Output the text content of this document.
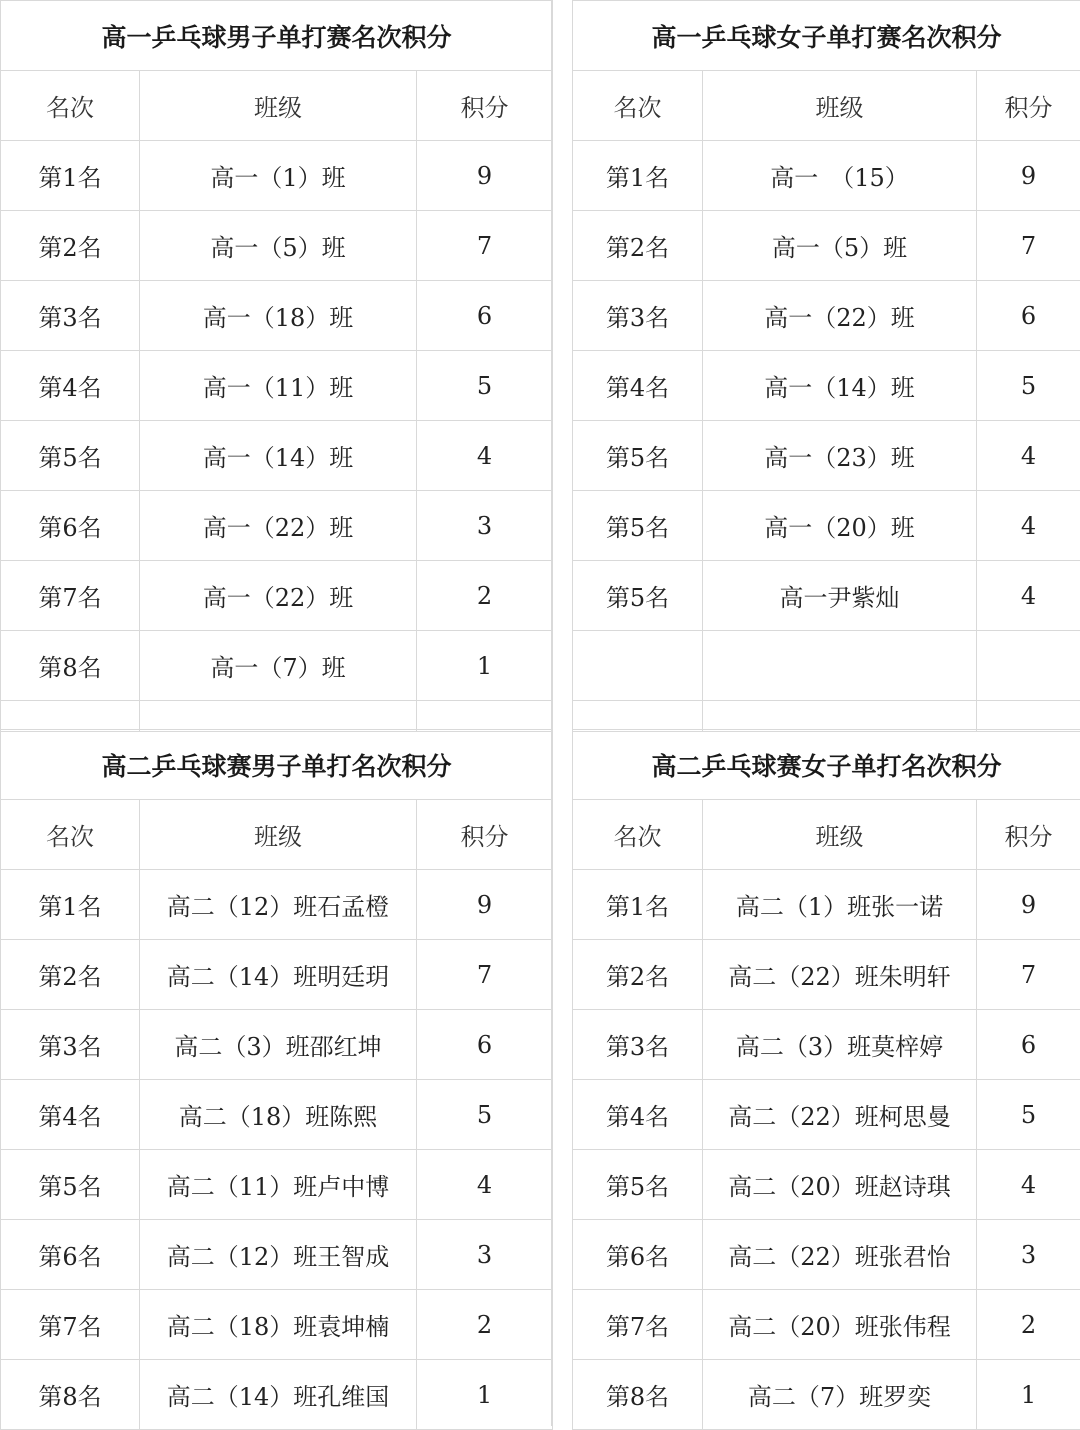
高一乒乓球男子单打赛名次积分		
名次	班级	积分
第1名	高一（1）班	9
第2名	高一（5）班	7
第3名	高一（18）班	6
第4名	高一（11）班	5
第5名	高一（14）班	4
第6名	高一（22）班	3
第7名	高一（22）班	2
第8名	高一（7）班	1

高一乒乓球女子单打赛名次积分		
名次	班级	积分
第1名	高一　（15）	9
第2名	高一（5）班	7
第3名	高一（22）班	6
第4名	高一（14）班	5
第5名	高一（23）班	4
第5名	高一（20）班	4
第5名	高一尹紫灿	4

高二乒乓球赛男子单打名次积分		
名次	班级	积分
第1名	高二（12）班石孟橙	9
第2名	高二（14）班明廷玥	7
第3名	高二（3）班邵红坤	6
第4名	高二（18）班陈熙	5
第5名	高二（11）班卢中博	4
第6名	高二（12）班王智成	3
第7名	高二（18）班袁坤楠	2
第8名	高二（14）班孔维国	1
高二乒乓球赛女子单打名次积分		
名次	班级	积分
第1名	高二（1）班张一诺	9
第2名	高二（22）班朱明轩	7
第3名	高二（3）班莫梓婷	6
第4名	高二（22）班柯思曼	5
第5名	高二（20）班赵诗琪	4
第6名	高二（22）班张君怡	3
第7名	高二（20）班张伟程	2
第8名	高二（7）班罗奕	1
